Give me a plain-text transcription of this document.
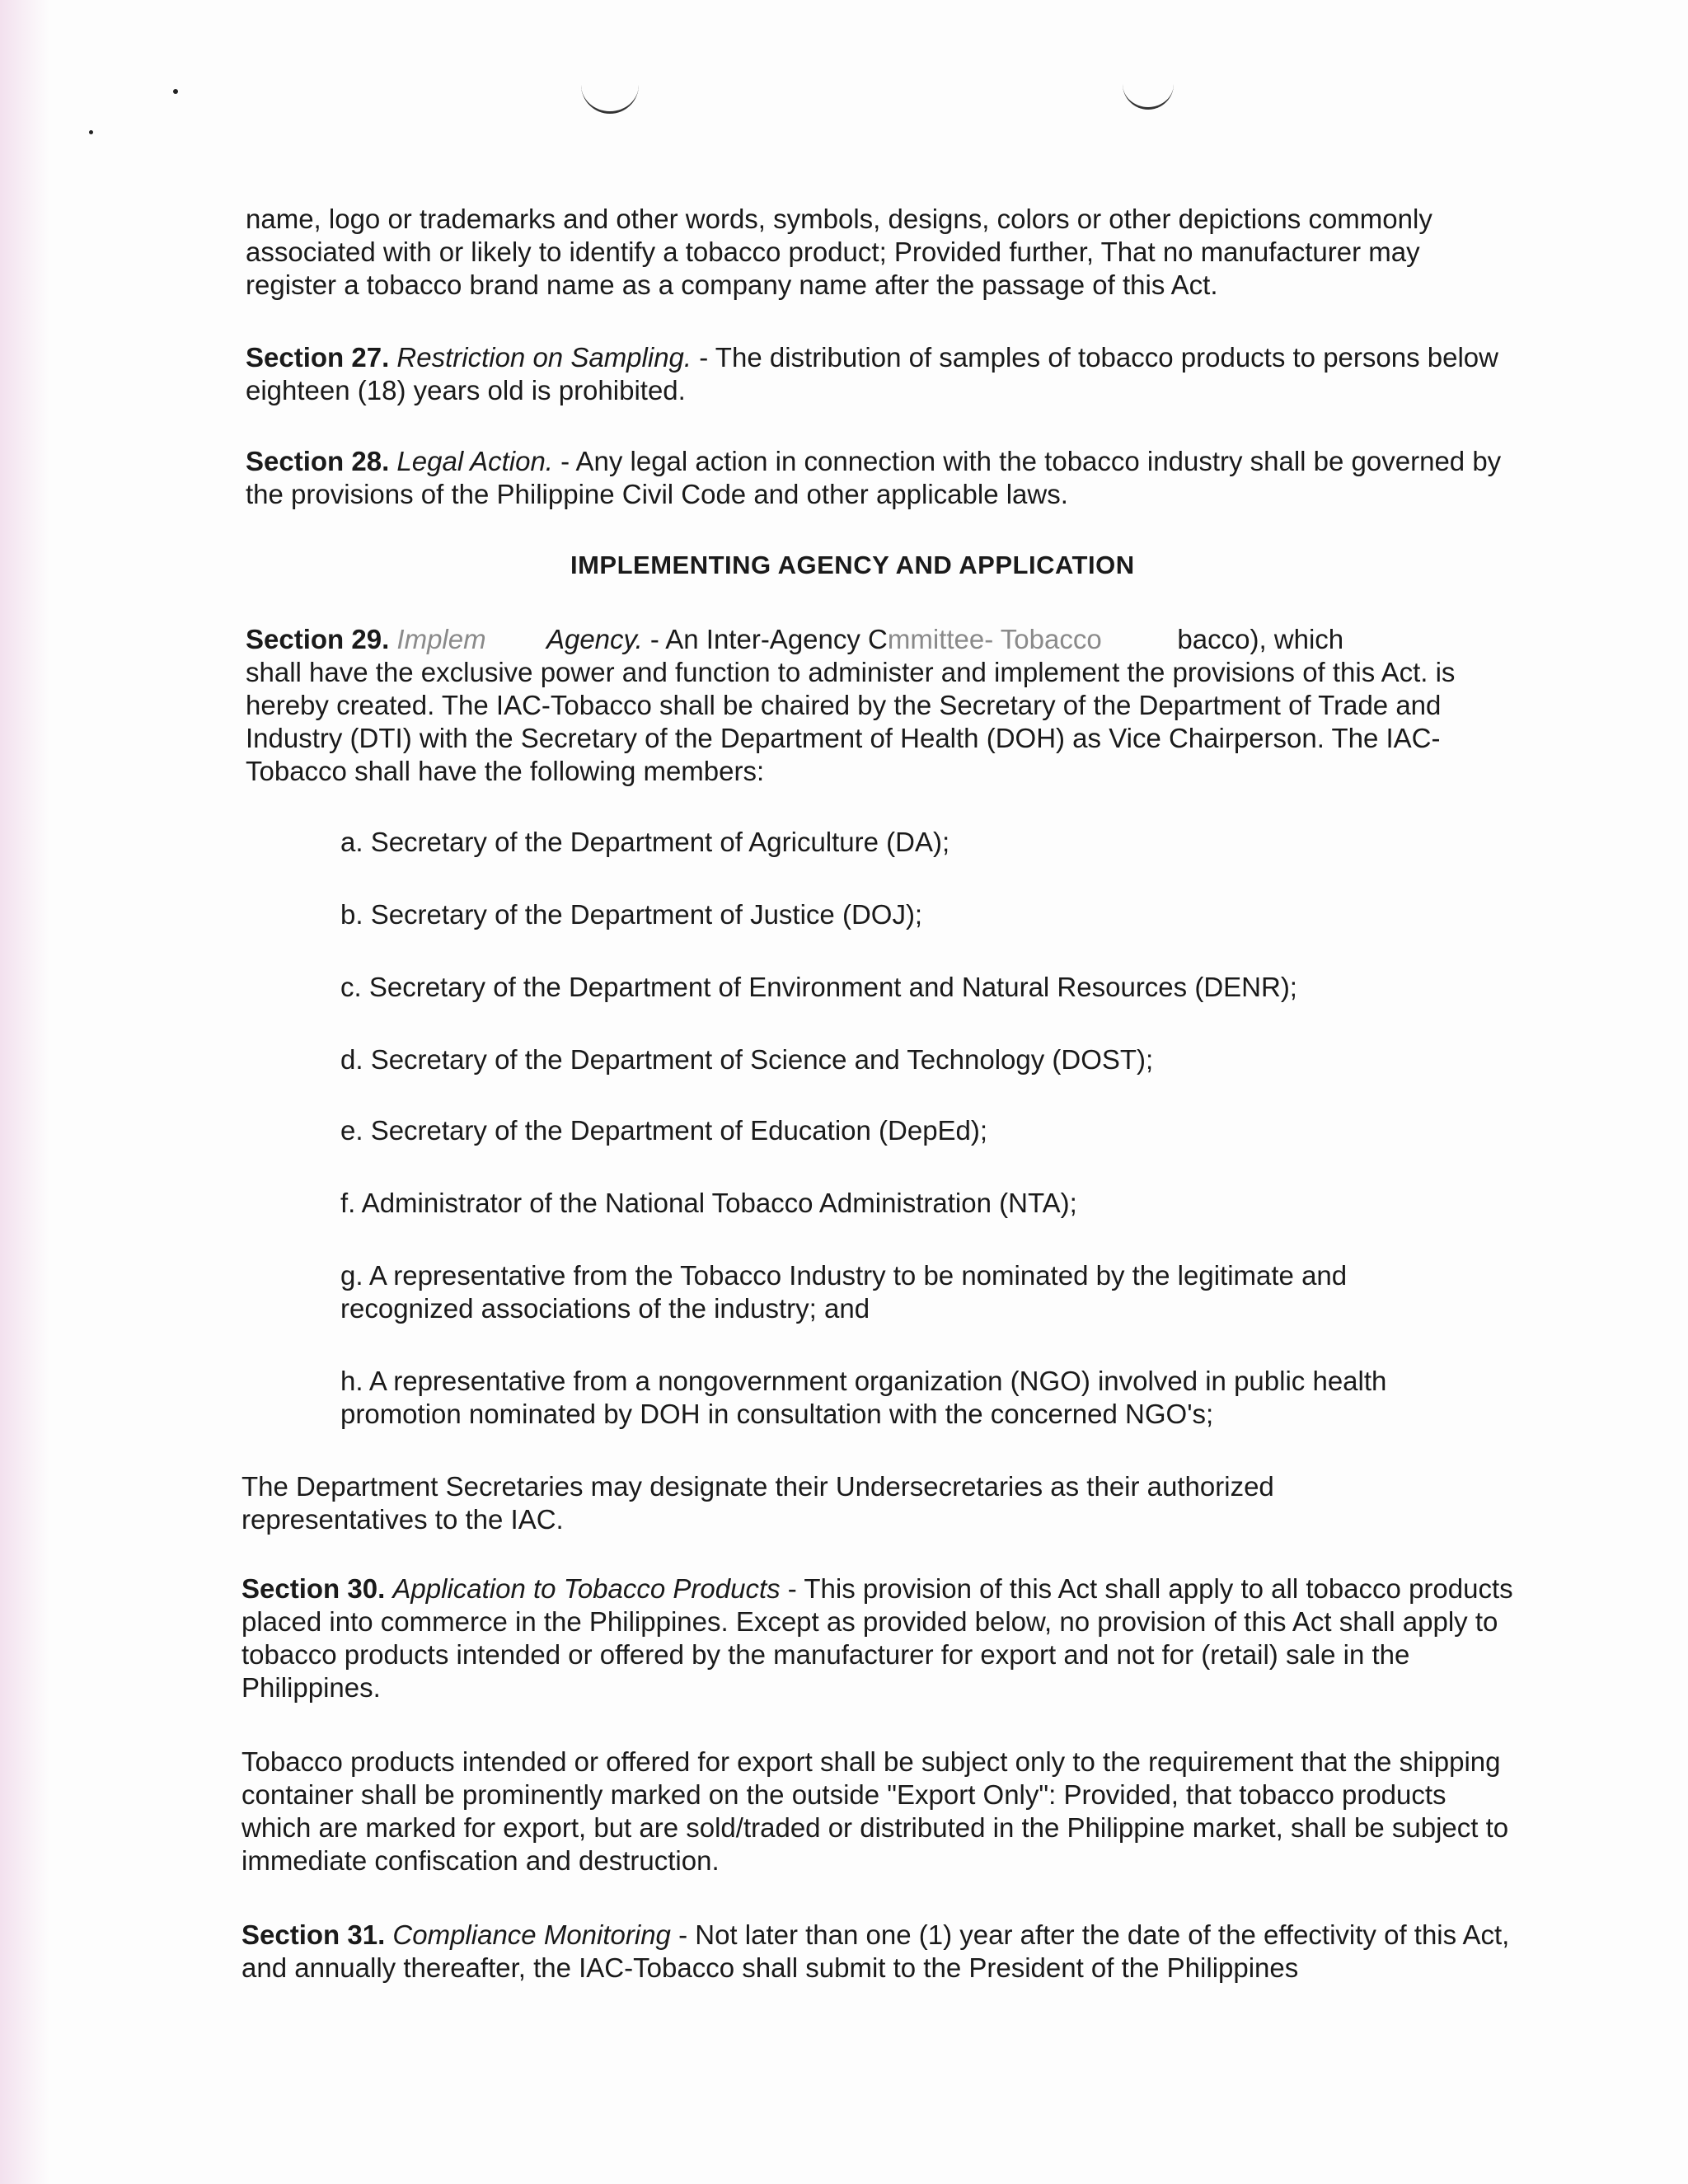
name, logo or trademarks and other words, symbols, designs, colors or other depictions commonly associated with or likely to identify a tobacco product; Provided further, That no manufacturer may register a tobacco brand name as a company name after the passage of this Act.

Section 27. Restriction on Sampling. - The distribution of samples of tobacco products to persons below eighteen (18) years old is prohibited.

Section 28. Legal Action. - Any legal action in connection with the tobacco industry shall be governed by the provisions of the Philippine Civil Code and other applicable laws.

IMPLEMENTING AGENCY AND APPLICATION

Section 29. Implem Agency. - An Inter-Agency Cmmittee- Tobacco	bacco), which
shall have the exclusive power and function to administer and implement the provisions of this Act. is hereby created. The IAC-Tobacco shall be chaired by the Secretary of the Department of Trade and Industry (DTI) with the Secretary of the Department of Health (DOH) as Vice Chairperson. The IAC-Tobacco shall have the following members:

a. Secretary of the Department of Agriculture (DA);

b. Secretary of the Department of Justice (DOJ);

c. Secretary of the Department of Environment and Natural Resources (DENR);

d. Secretary of the Department of Science and Technology (DOST);

e. Secretary of the Department of Education (DepEd);

f. Administrator of the National Tobacco Administration (NTA);

g. A representative from the Tobacco Industry to be nominated by the legitimate and recognized associations of the industry; and

h. A representative from a nongovernment organization (NGO) involved in public health promotion nominated by DOH in consultation with the concerned NGO's;

The Department Secretaries may designate their Undersecretaries as their authorized representatives to the IAC.

Section 30. Application to Tobacco Products - This provision of this Act shall apply to all tobacco products placed into commerce in the Philippines. Except as provided below, no provision of this Act shall apply to tobacco products intended or offered by the manufacturer for export and not for (retail) sale in the Philippines.

Tobacco products intended or offered for export shall be subject only to the requirement that the shipping container shall be prominently marked on the outside "Export Only": Provided, that tobacco products which are marked for export, but are sold/traded or distributed in the Philippine market, shall be subject to immediate confiscation and destruction.

Section 31. Compliance Monitoring - Not later than one (1) year after the date of the effectivity of this Act, and annually thereafter, the IAC-Tobacco shall submit to the President of the Philippines
